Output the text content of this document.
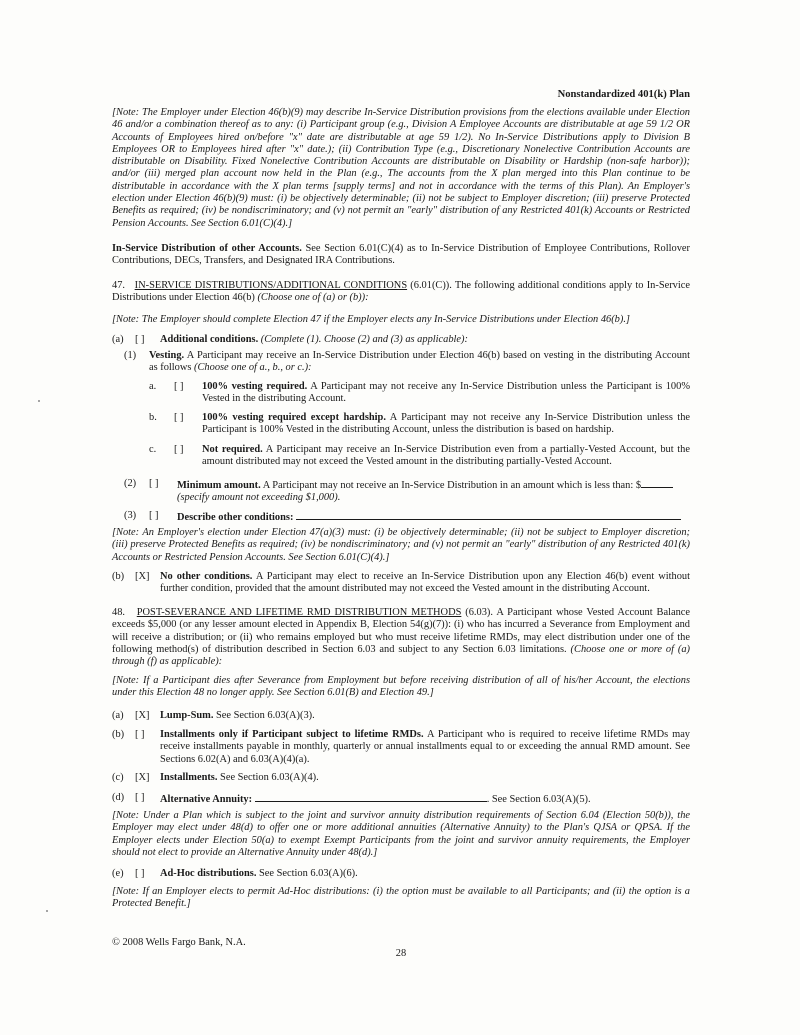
Nonstandardized 401(k) Plan
[Note: The Employer under Election 46(b)(9) may describe In-Service Distribution provisions from the elections available under Election 46 and/or a combination thereof as to any: (i) Participant group (e.g., Division A Employee Accounts are distributable at age 59 1/2 OR Accounts of Employees hired on/before "x" date are distributable at age 59 1/2). No In-Service Distributions apply to Division B Employees OR to Employees hired after "x" date.); (ii) Contribution Type (e.g., Discretionary Nonelective Contribution Accounts are distributable on Disability. Fixed Nonelective Contribution Accounts are distributable on Disability or Hardship (non-safe harbor)); and/or (iii) merged plan account now held in the Plan (e.g., The accounts from the X plan merged into this Plan continue to be distributable in accordance with the X plan terms [supply terms] and not in accordance with the terms of this Plan). An Employer's election under Election 46(b)(9) must: (i) be objectively determinable; (ii) not be subject to Employer discretion; (iii) preserve Protected Benefits as required; (iv) be nondiscriminatory; and (v) not permit an "early" distribution of any Restricted 401(k) Accounts or Restricted Pension Accounts. See Section 6.01(C)(4).]
In-Service Distribution of other Accounts. See Section 6.01(C)(4) as to In-Service Distribution of Employee Contributions, Rollover Contributions, DECs, Transfers, and Designated IRA Contributions.
47. IN-SERVICE DISTRIBUTIONS/ADDITIONAL CONDITIONS (6.01(C)). The following additional conditions apply to In-Service Distributions under Election 46(b) (Choose one of (a) or (b)):
[Note: The Employer should complete Election 47 if the Employer elects any In-Service Distributions under Election 46(b).]
(a)	[ ]	Additional conditions. (Complete (1). Choose (2) and (3) as applicable):
(1)	Vesting. A Participant may receive an In-Service Distribution under Election 46(b) based on vesting in the distributing Account as follows (Choose one of a., b., or c.):
a.	[ ]	100% vesting required. A Participant may not receive any In-Service Distribution unless the Participant is 100% Vested in the distributing Account.
b.	[ ]	100% vesting required except hardship. A Participant may not receive any In-Service Distribution unless the Participant is 100% Vested in the distributing Account, unless the distribution is based on hardship.
c.	[ ]	Not required. A Participant may receive an In-Service Distribution even from a partially-Vested Account, but the amount distributed may not exceed the Vested amount in the distributing partially-Vested Account.
(2)	[ ]	Minimum amount. A Participant may not receive an In-Service Distribution in an amount which is less than: $
(specify amount not exceeding $1,000).
(3)	[ ]	Describe other conditions:
[Note: An Employer's election under Election 47(a)(3) must: (i) be objectively determinable; (ii) not be subject to Employer discretion; (iii) preserve Protected Benefits as required; (iv) be nondiscriminatory; and (v) not permit an "early" distribution of any Restricted 401(k) Accounts or Restricted Pension Accounts. See Section 6.01(C)(4).]
(b)	[X]	No other conditions. A Participant may elect to receive an In-Service Distribution upon any Election 46(b) event without further condition, provided that the amount distributed may not exceed the Vested amount in the distributing Account.
48. POST-SEVERANCE AND LIFETIME RMD DISTRIBUTION METHODS (6.03). A Participant whose Vested Account Balance exceeds $5,000 (or any lesser amount elected in Appendix B, Election 54(g)(7)): (i) who has incurred a Severance from Employment and will receive a distribution; or (ii) who remains employed but who must receive lifetime RMDs, may elect distribution under one of the following method(s) of distribution described in Section 6.03 and subject to any Section 6.03 limitations. (Choose one or more of (a) through (f) as applicable):
[Note: If a Participant dies after Severance from Employment but before receiving distribution of all of his/her Account, the elections under this Election 48 no longer apply. See Section 6.01(B) and Election 49.]
(a)	[X]	Lump-Sum. See Section 6.03(A)(3).
(b)	[ ]	Installments only if Participant subject to lifetime RMDs. A Participant who is required to receive lifetime RMDs may receive installments payable in monthly, quarterly or annual installments equal to or exceeding the annual RMD amount. See Sections 6.02(A) and 6.03(A)(4)(a).
(c)	[X]	Installments. See Section 6.03(A)(4).
(d)	[ ]	Alternative Annuity:	. See Section 6.03(A)(5).
[Note: Under a Plan which is subject to the joint and survivor annuity distribution requirements of Section 6.04 (Election 50(b)), the Employer may elect under 48(d) to offer one or more additional annuities (Alternative Annuity) to the Plan's QJSA or QPSA. If the Employer elects under Election 50(a) to exempt Exempt Participants from the joint and survivor annuity requirements, the Employer should not elect to provide an Alternative Annuity under 48(d).]
(e)	[ ]	Ad-Hoc distributions. See Section 6.03(A)(6).
[Note: If an Employer elects to permit Ad-Hoc distributions: (i) the option must be available to all Participants; and (ii) the option is a Protected Benefit.]
© 2008 Wells Fargo Bank, N.A.
28
